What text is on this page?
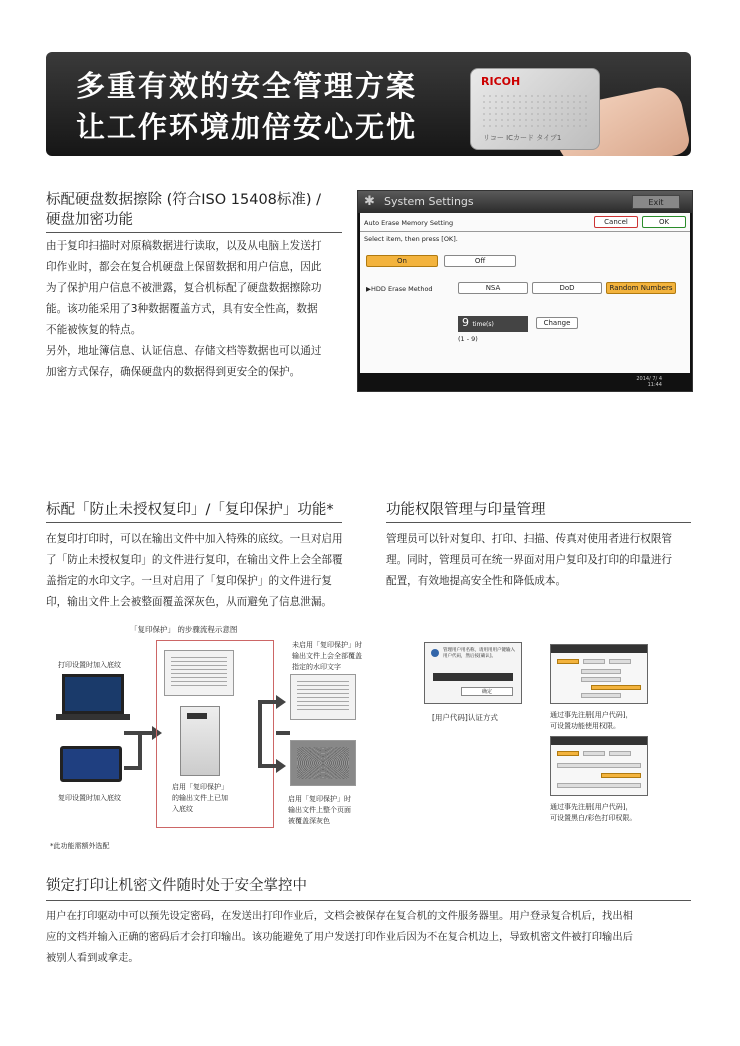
多重有效的安全管理方案
让工作环境加倍安心无忧
RICOH
リコー ICカード タイプ1
标配硬盘数据擦除 (符合ISO 15408标准) /
硬盘加密功能
由于复印扫描时对原稿数据进行读取，以及从电脑上发送打
印作业时，都会在复合机硬盘上保留数据和用户信息，因此
为了保护用户信息不被泄露，复合机标配了硬盘数据擦除功
能。该功能采用了3种数据覆盖方式，具有安全性高，数据
不能被恢复的特点。
另外，地址簿信息、认证信息、存储文档等数据也可以通过
加密方式保存，确保硬盘内的数据得到更安全的保护。
✱ System Settings	Exit
Auto Erase Memory Setting	Cancel	OK
Select item, then press [OK].
On	Off
▶HDD Erase Method	NSA	DoD	Random Numbers
9 time(s)	Change
(1 - 9)
2014/ 7/ 4
11:44
标配「防止未授权复印」/「复印保护」功能*
在复印打印时，可以在输出文件中加入特殊的底纹。一旦对启用
了「防止未授权复印」的文件进行复印，在输出文件上会全部覆
盖指定的水印文字。一旦对启用了「复印保护」的文件进行复
印，输出文件上会被整面覆盖深灰色，从而避免了信息泄漏。
「复印保护」 的步骤流程示意图
打印设置时加入底纹
复印设置时加入底纹
启用「复印保护」
的输出文件上已加
入底纹
未启用「复印保护」时
输出文件上会全部覆盖
指定的水印文字
启用「复印保护」时
输出文件上整个页面
被覆盖深灰色
*此功能需额外选配
功能权限管理与印量管理
管理员可以针对复印、打印、扫描、传真对使用者进行权限管
理。同时，管理员可在统一界面对用户复印及打印的印量进行
配置，有效地提高安全性和降低成本。
管理用户用名称，请用用用户键输入用户代码，然后按[确认]。
确定
[用户代码]认证方式	通过事先注册[用户代码]，
可设置功能使用权限。
通过事先注册[用户代码]，
可设置黑白/彩色打印权限。
锁定打印让机密文件随时处于安全掌控中
用户在打印驱动中可以预先设定密码，在发送出打印作业后，文档会被保存在复合机的文件服务器里。用户登录复合机后，找出相
应的文档并输入正确的密码后才会打印输出。该功能避免了用户发送打印作业后因为不在复合机边上，导致机密文件被打印输出后
被别人看到或拿走。
